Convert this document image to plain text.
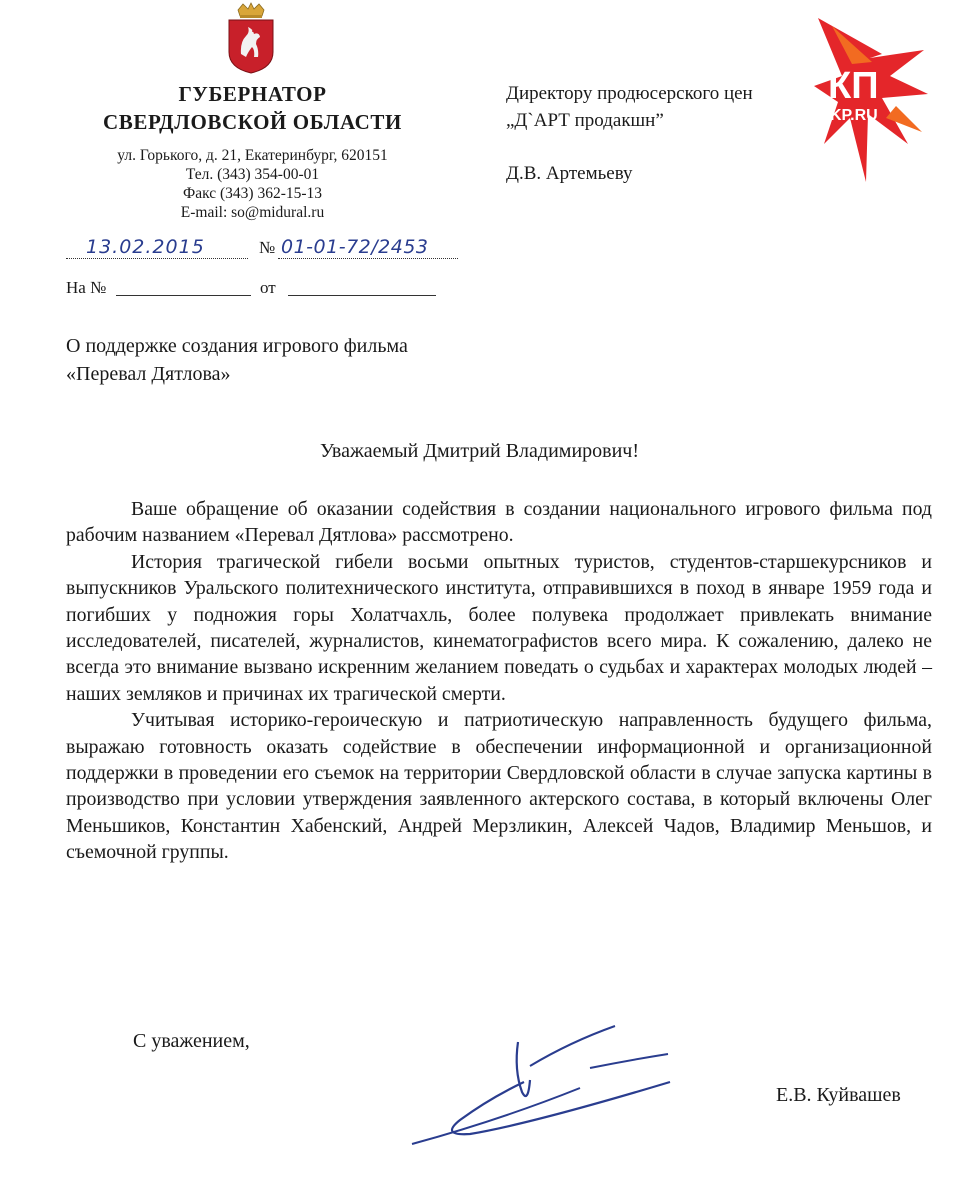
ГУБЕРНАТОР
СВЕРДЛОВСКОЙ ОБЛАСТИ
ул. Горького, д. 21, Екатеринбург, 620151
Тел. (343) 354-00-01
Факс (343) 362-15-13
E-mail: so@midural.ru
13.02.2015	№ 01-01-72/2453
На №	от
Директору продюсерского цен
„Д`АРТ продакшн”
Д.В. Артемьеву
КП
KP.RU
О поддержке создания игрового фильма
«Перевал Дятлова»
Уважаемый Дмитрий Владимирович!

Ваше обращение об оказании содействия в создании национального игрового фильма под рабочим названием «Перевал Дятлова» рассмотрено.

История трагической гибели восьми опытных туристов, студентов-старшекурсников и выпускников Уральского политехнического института, отправившихся в поход в январе 1959 года и погибших у подножия горы Холатчахль, более полувека продолжает привлекать внимание исследователей, писателей, журналистов, кинематографистов всего мира. К сожалению, далеко не всегда это внимание вызвано искренним желанием поведать о судьбах и характерах молодых людей – наших земляков и причинах их трагической смерти.

Учитывая историко-героическую и патриотическую направленность будущего фильма, выражаю готовность оказать содействие в обеспечении информационной и организационной поддержки в проведении его съемок на территории Свердловской области в случае запуска картины в производство при условии утверждения заявленного актерского состава, в который включены Олег Меньшиков, Константин Хабенский, Андрей Мерзликин, Алексей Чадов, Владимир Меньшов, и съемочной группы.

С уважением,
Е.В. Куйвашев
